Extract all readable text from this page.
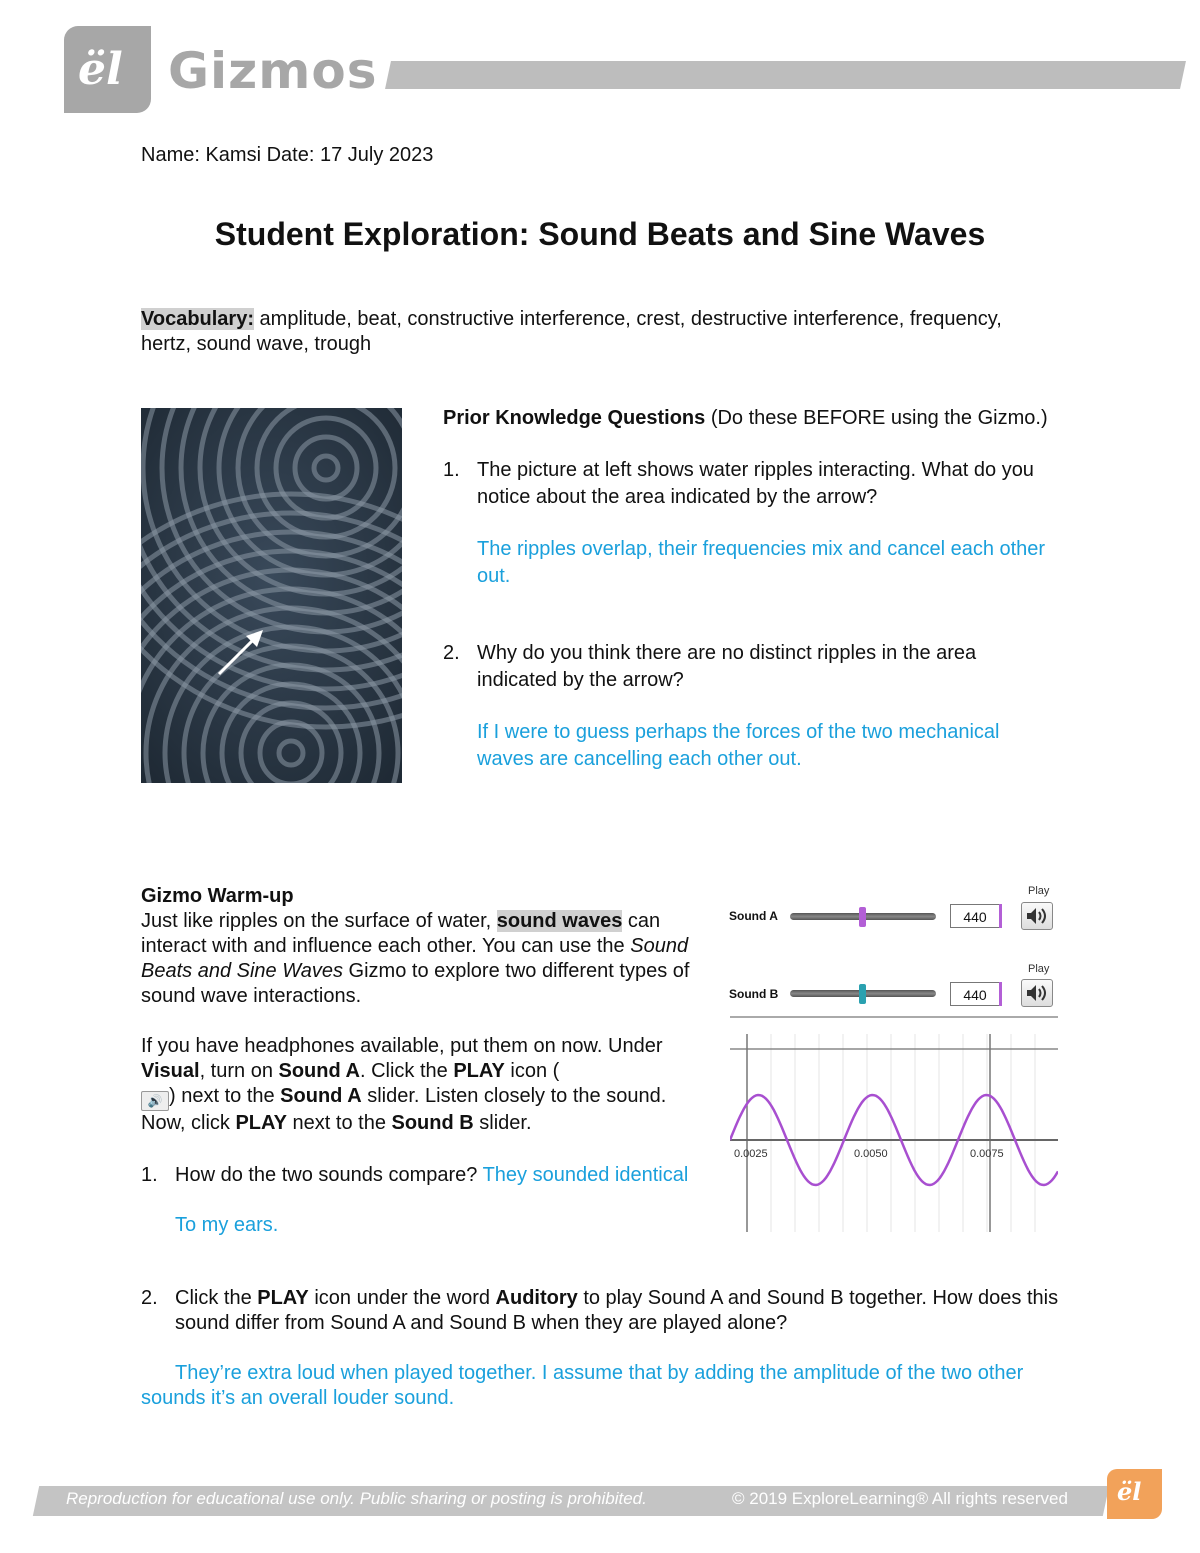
ël Gizmos
Name: Kamsi Date: 17 July 2023
Student Exploration: Sound Beats and Sine Waves
Vocabulary: amplitude, beat, constructive interference, crest, destructive interference, frequency, hertz, sound wave, trough
Prior Knowledge Questions (Do these BEFORE using the Gizmo.)
1. The picture at left shows water ripples interacting. What do you notice about the area indicated by the arrow?
The ripples overlap, their frequencies mix and cancel each other out.
2. Why do you think there are no distinct ripples in the area indicated by the arrow?
If I were to guess perhaps the forces of the two mechanical waves are cancelling each other out.
Gizmo Warm-up
Just like ripples on the surface of water, sound waves can interact with and influence each other. You can use the Sound Beats and Sine Waves Gizmo to explore two different types of sound wave interactions.
If you have headphones available, put them on now. Under Visual, turn on Sound A. Click the PLAY icon (
🔊 ) next to the Sound A slider. Listen closely to the sound. Now, click PLAY next to the Sound B slider.
Play
Sound A	440
Play
Sound B	440
0.0025	0.0050	0.0075
1. How do the two sounds compare? They sounded identical
To my ears.
2. Click the PLAY icon under the word Auditory to play Sound A and Sound B together. How does this sound differ from Sound A and Sound B when they are played alone?
They’re extra loud when played together. I assume that by adding the amplitude of the two other sounds it’s an overall louder sound.
Reproduction for educational use only. Public sharing or posting is prohibited.	© 2019 ExploreLearning® All rights reserved ël
